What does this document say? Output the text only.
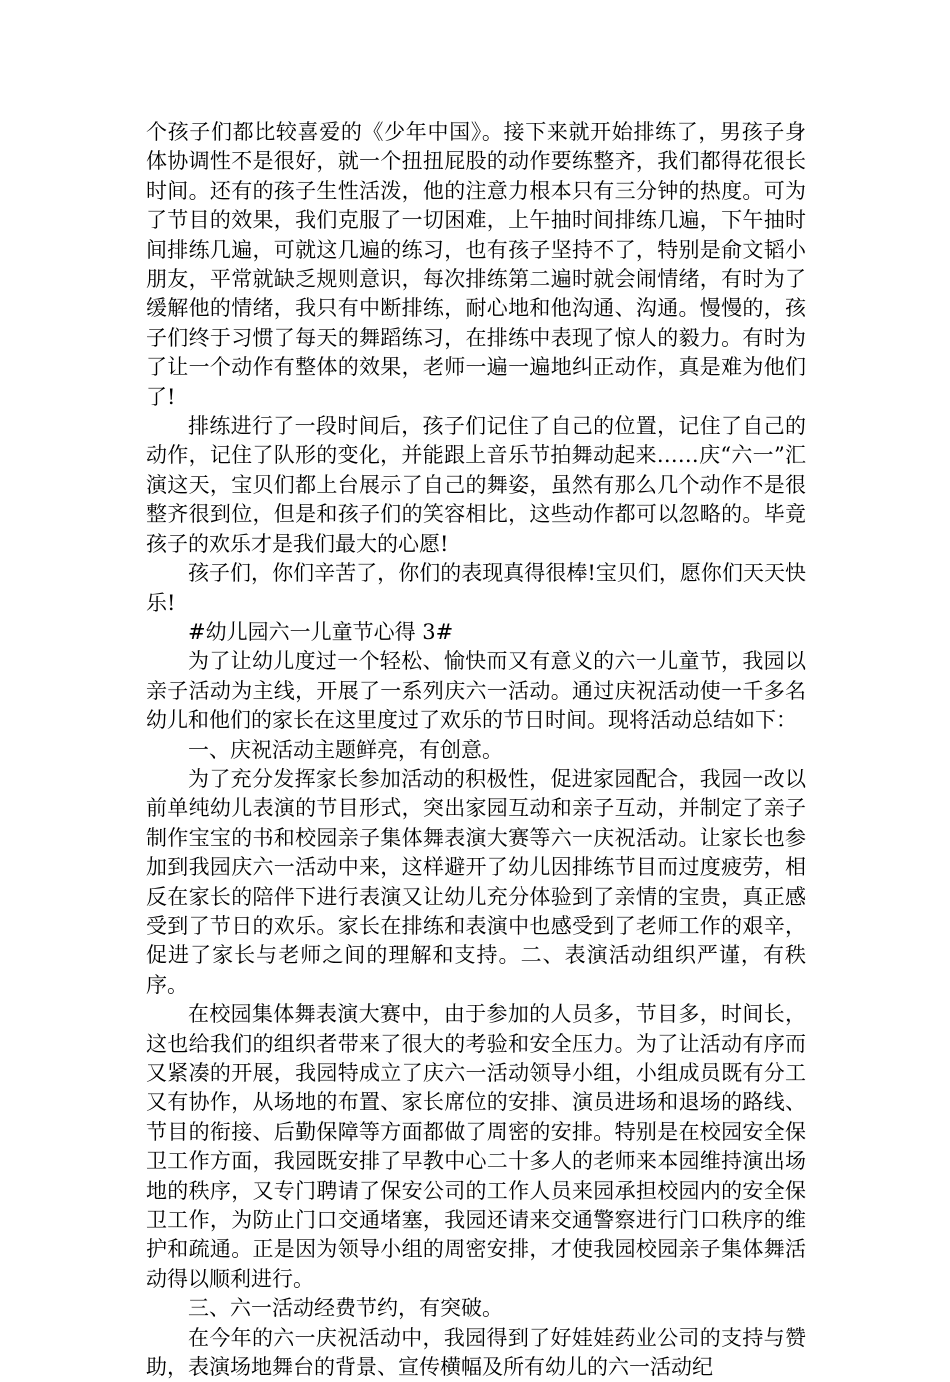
个孩子们都比较喜爱的《少年中国》。接下来就开始排练了，男孩子身体协调性不是很好，就一个扭扭屁股的动作要练整齐，我们都得花很长时间。还有的孩子生性活泼，他的注意力根本只有三分钟的热度。可为了节目的效果，我们克服了一切困难，上午抽时间排练几遍，下午抽时间排练几遍，可就这几遍的练习，也有孩子坚持不了，特别是俞文韬小朋友，平常就缺乏规则意识，每次排练第二遍时就会闹情绪，有时为了缓解他的情绪，我只有中断排练，耐心地和他沟通、沟通。慢慢的，孩子们终于习惯了每天的舞蹈练习，在排练中表现了惊人的毅力。有时为了让一个动作有整体的效果，老师一遍一遍地纠正动作，真是难为他们了!

排练进行了一段时间后，孩子们记住了自己的位置，记住了自己的动作，记住了队形的变化，并能跟上音乐节拍舞动起来……庆“六一”汇演这天，宝贝们都上台展示了自己的舞姿，虽然有那么几个动作不是很整齐很到位，但是和孩子们的笑容相比，这些动作都可以忽略的。毕竟孩子的欢乐才是我们最大的心愿!

孩子们，你们辛苦了，你们的表现真得很棒!宝贝们，愿你们天天快乐!

#幼儿园六一儿童节心得 3#

为了让幼儿度过一个轻松、愉快而又有意义的六一儿童节，我园以亲子活动为主线，开展了一系列庆六一活动。通过庆祝活动使一千多名幼儿和他们的家长在这里度过了欢乐的节日时间。现将活动总结如下：

一、庆祝活动主题鲜亮，有创意。

为了充分发挥家长参加活动的积极性，促进家园配合，我园一改以前单纯幼儿表演的节目形式，突出家园互动和亲子互动，并制定了亲子制作宝宝的书和校园亲子集体舞表演大赛等六一庆祝活动。让家长也参加到我园庆六一活动中来，这样避开了幼儿因排练节目而过度疲劳，相反在家长的陪伴下进行表演又让幼儿充分体验到了亲情的宝贵，真正感受到了节日的欢乐。家长在排练和表演中也感受到了老师工作的艰辛，促进了家长与老师之间的理解和支持。二、表演活动组织严谨，有秩序。

在校园集体舞表演大赛中，由于参加的人员多，节目多，时间长，这也给我们的组织者带来了很大的考验和安全压力。为了让活动有序而又紧凑的开展，我园特成立了庆六一活动领导小组，小组成员既有分工又有协作，从场地的布置、家长席位的安排、演员进场和退场的路线、节目的衔接、后勤保障等方面都做了周密的安排。特别是在校园安全保卫工作方面，我园既安排了早教中心二十多人的老师来本园维持演出场地的秩序，又专门聘请了保安公司的工作人员来园承担校园内的安全保卫工作，为防止门口交通堵塞，我园还请来交通警察进行门口秩序的维护和疏通。正是因为领导小组的周密安排，才使我园校园亲子集体舞活动得以顺利进行。

三、六一活动经费节约，有突破。

在今年的六一庆祝活动中，我园得到了好娃娃药业公司的支持与赞助，表演场地舞台的背景、宣传横幅及所有幼儿的六一活动纪
